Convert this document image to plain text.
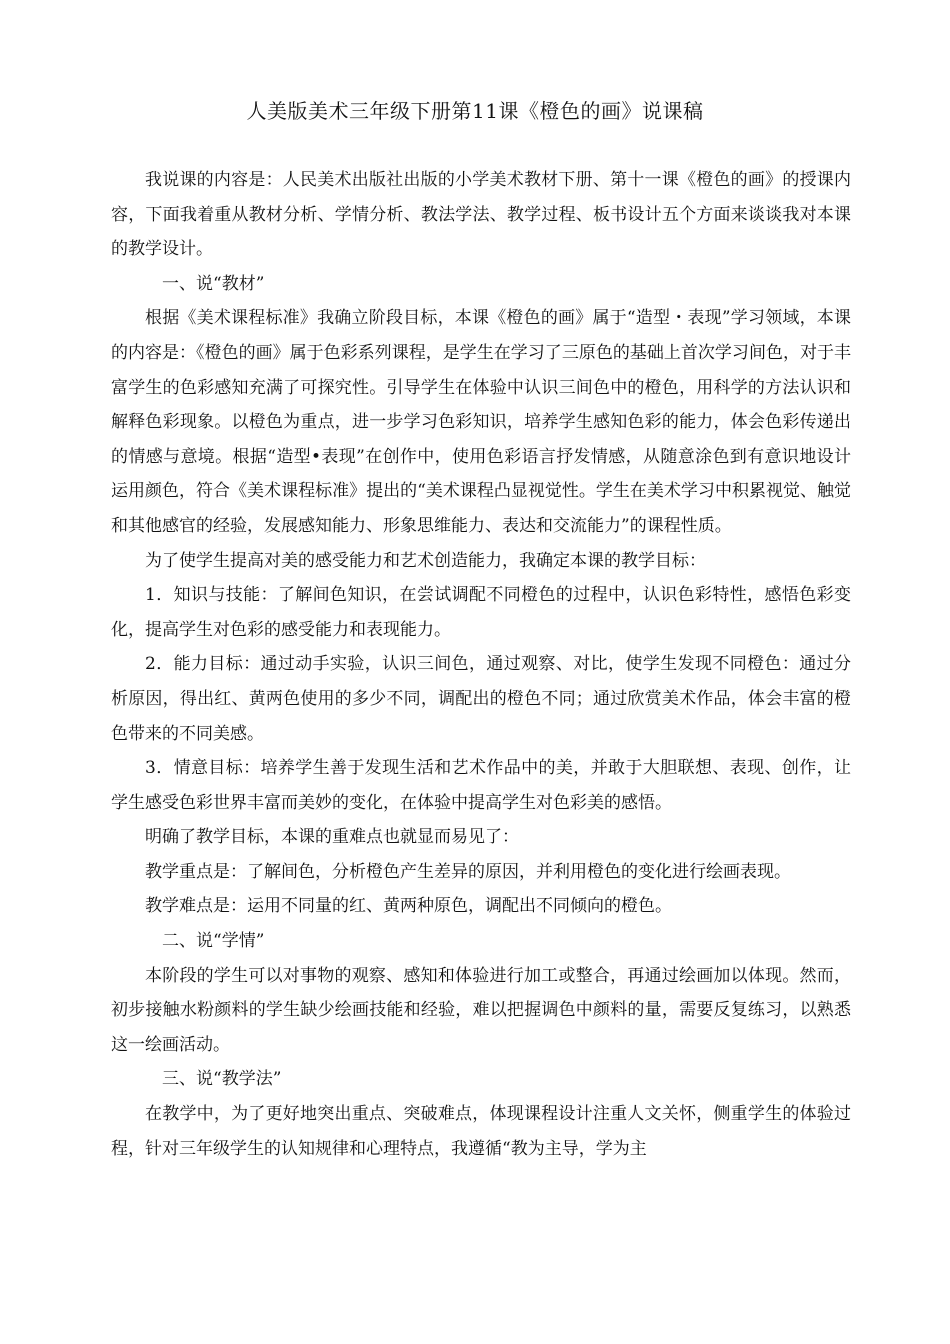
人美版美术三年级下册第11课《橙色的画》说课稿

我说课的内容是：人民美术出版社出版的小学美术教材下册、第十一课《橙色的画》的授课内容，下面我着重从教材分析、学情分析、教法学法、教学过程、板书设计五个方面来谈谈我对本课的教学设计。

一、说“教材”

根据《美术课程标准》我确立阶段目标，本课《橙色的画》属于“造型・表现”学习领域，本课的内容是：《橙色的画》属于色彩系列课程，是学生在学习了三原色的基础上首次学习间色，对于丰富学生的色彩感知充满了可探究性。引导学生在体验中认识三间色中的橙色，用科学的方法认识和解释色彩现象。以橙色为重点，进一步学习色彩知识，培养学生感知色彩的能力，体会色彩传递出的情感与意境。根据“造型•表现”在创作中，使用色彩语言抒发情感，从随意涂色到有意识地设计运用颜色，符合《美术课程标准》提出的“美术课程凸显视觉性。学生在美术学习中积累视觉、触觉和其他感官的经验，发展感知能力、形象思维能力、表达和交流能力”的课程性质。

为了使学生提高对美的感受能力和艺术创造能力，我确定本课的教学目标：

1．知识与技能：了解间色知识，在尝试调配不同橙色的过程中，认识色彩特性，感悟色彩变化，提高学生对色彩的感受能力和表现能力。

2．能力目标：通过动手实验，认识三间色，通过观察、对比，使学生发现不同橙色：通过分析原因，得出红、黄两色使用的多少不同，调配出的橙色不同；通过欣赏美术作品，体会丰富的橙色带来的不同美感。

3．情意目标：培养学生善于发现生活和艺术作品中的美，并敢于大胆联想、表现、创作，让学生感受色彩世界丰富而美妙的变化，在体验中提高学生对色彩美的感悟。

明确了教学目标，本课的重难点也就显而易见了：

教学重点是：了解间色，分析橙色产生差异的原因，并利用橙色的变化进行绘画表现。

教学难点是：运用不同量的红、黄两种原色，调配出不同倾向的橙色。

二、说“学情”

本阶段的学生可以对事物的观察、感知和体验进行加工或整合，再通过绘画加以体现。然而，初步接触水粉颜料的学生缺少绘画技能和经验，难以把握调色中颜料的量，需要反复练习，以熟悉这一绘画活动。

三、说“教学法”

在教学中，为了更好地突出重点、突破难点，体现课程设计注重人文关怀，侧重学生的体验过程，针对三年级学生的认知规律和心理特点，我遵循“教为主导，学为主
